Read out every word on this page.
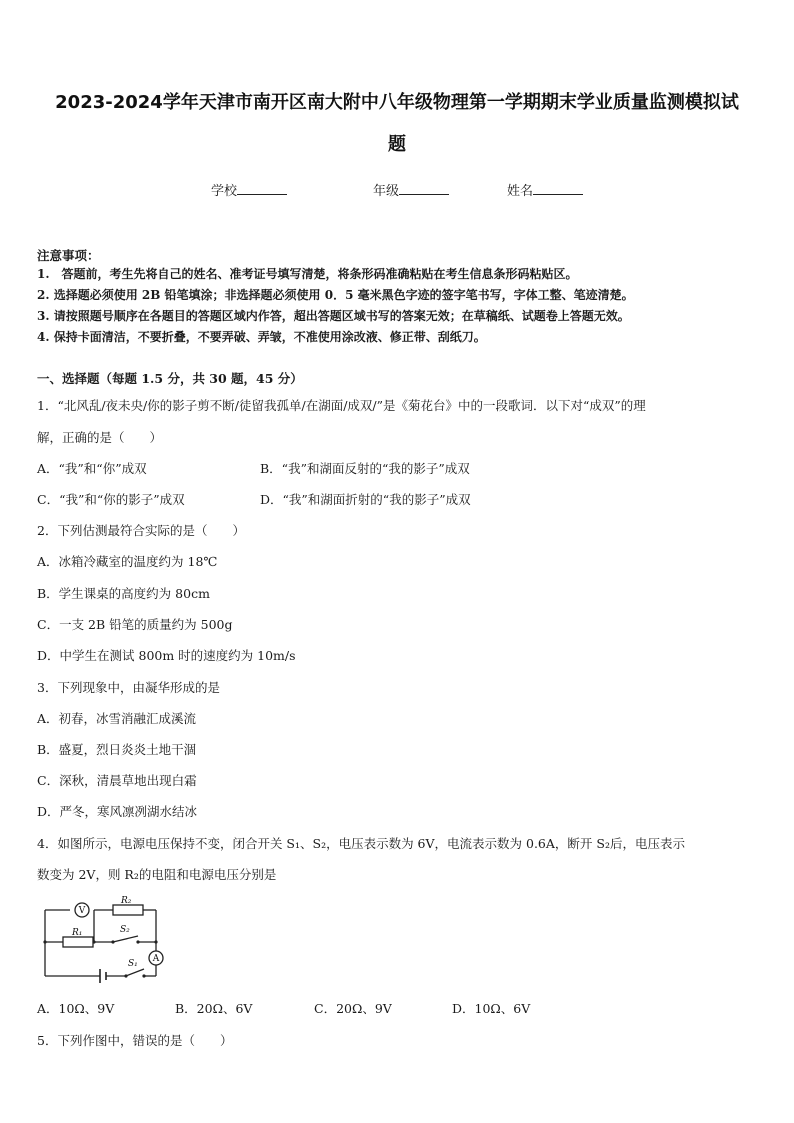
2023-2024学年天津市南开区南大附中八年级物理第一学期期末学业质量监测模拟试
题
学校	年级	姓名
注意事项：
1.　答题前，考生先将自己的姓名、准考证号填写清楚，将条形码准确粘贴在考生信息条形码粘贴区。
2. 选择题必须使用 2B 铅笔填涂；非选择题必须使用 0．5 毫米黑色字迹的签字笔书写，字体工整、笔迹清楚。
3. 请按照题号顺序在各题目的答题区域内作答，超出答题区域书写的答案无效；在草稿纸、试题卷上答题无效。
4. 保持卡面清洁，不要折叠，不要弄破、弄皱，不准使用涂改液、修正带、刮纸刀。
一、选择题（每题 1.5 分，共 30 题，45 分）
1．“北风乱/夜未央/你的影子剪不断/徒留我孤单/在湖面/成双/”是《菊花台》中的一段歌词．以下对“成双”的理
解，正确的是（　　）
A．“我”和“你”成双	B．“我”和湖面反射的“我的影子”成双
C．“我”和“你的影子”成双	D．“我”和湖面折射的“我的影子”成双
2．下列估测最符合实际的是（　　）
A．冰箱冷藏室的温度约为 18℃
B．学生课桌的高度约为 80cm
C．一支 2B 铅笔的质量约为 500g
D．中学生在测试 800m 时的速度约为 10m/s
3．下列现象中，由凝华形成的是
A．初春，冰雪消融汇成溪流
B．盛夏，烈日炎炎土地干涸
C．深秋，清晨草地出现白霜
D．严冬，寒风凛冽湖水结冰
4．如图所示，电源电压保持不变，闭合开关 S₁、S₂，电压表示数为 6V，电流表示数为 0.6A，断开 S₂后，电压表示
数变为 2V，则 R₂的电阻和电源电压分别是
V
A
R₂
R₁	S₂
S₁
A．10Ω、9V	B．20Ω、6V	C．20Ω、9V	D．10Ω、6V
5．下列作图中，错误的是（　　）
